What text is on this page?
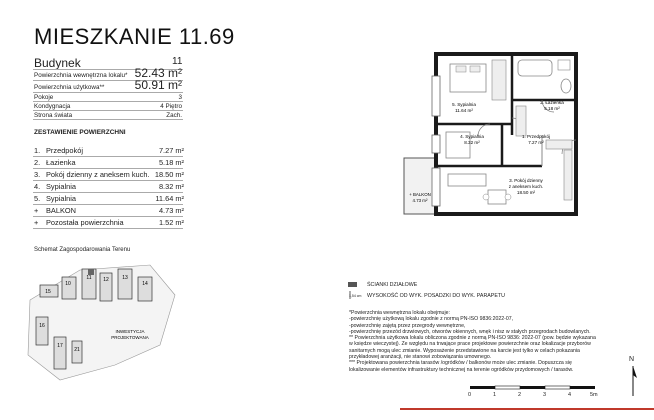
MIESZKANIE 11.69
Budynek	11
Powierzchnia wewnętrzna lokalu* 52.43 m²
Powierzchnia użytkowa**	50.91 m²
Pokoje	3
Kondygnacja	4 Piętro
Strona świata	Zach.
ZESTAWIENIE POWIERZCHNI
1. Przedpokój	7.27 m²
2. Łazienka	5.18 m²
3. Pokój dzienny z aneksem kuch. 18.50 m²
4. Sypialnia	8.32 m²
5. Sypialnia	11.64 m²
+	BALKON	4.73 m²
+	Pozostała powierzchnia	1.52 m²
5. Sypialnia
11.64 m²
2. Łazienka
5.18 m²
1. Przedpokój
7.27 m²
4. Sypialnia
8.32 m²
3. Pokój dzienny
z aneksem kuch.
18.50 m²
+ BALKON
4.73 m²
Schemat Zagospodarowania Terenu
10
11 12	13
14
15
16
17
21
INWESTYCJA
PROJEKTOWANA
ŚCIANKI DZIAŁOWE
1,54 cm WYSOKOŚĆ OD WYK. POSADZKI DO WYK. PARAPETU
*Powierzchnia wewnętrzna lokalu obejmuje:
-powierzchnię użytkową lokalu zgodnie z normą PN-ISO 9836:2022-07,
-powierzchnię zajętą przez przegrody wewnętrzne,
-powierzchnię przezód drzwiowych, otworów okiennych, wnęk i nisz w stałych przegrodach budowlanych.
** Powierzchnia użytkowa lokalu obliczona zgodnie z normą PN-ISO 9836: 2022-07 (pow. będzie wykazana
w księdze wieczystej). Ze względu na trwające prace projektowe powierzchnie oraz lokalizacje przyborów
sanitarnych mogą ulec zmianie. Wyposażenie przedstawione na karcie jest tylko w celach pokazania
przykładowej aranżacji, nie stanowi zobowiązania umownego.
*** Projektowana powierzchnia tarasów /ogródków / balkonów może ulec zmianie. Dopuszcza się
lokalizowanie elementów infrastruktury technicznej na terenie ogródków przydomowych / tarasów.
0	1	2	3	4	5m
N
